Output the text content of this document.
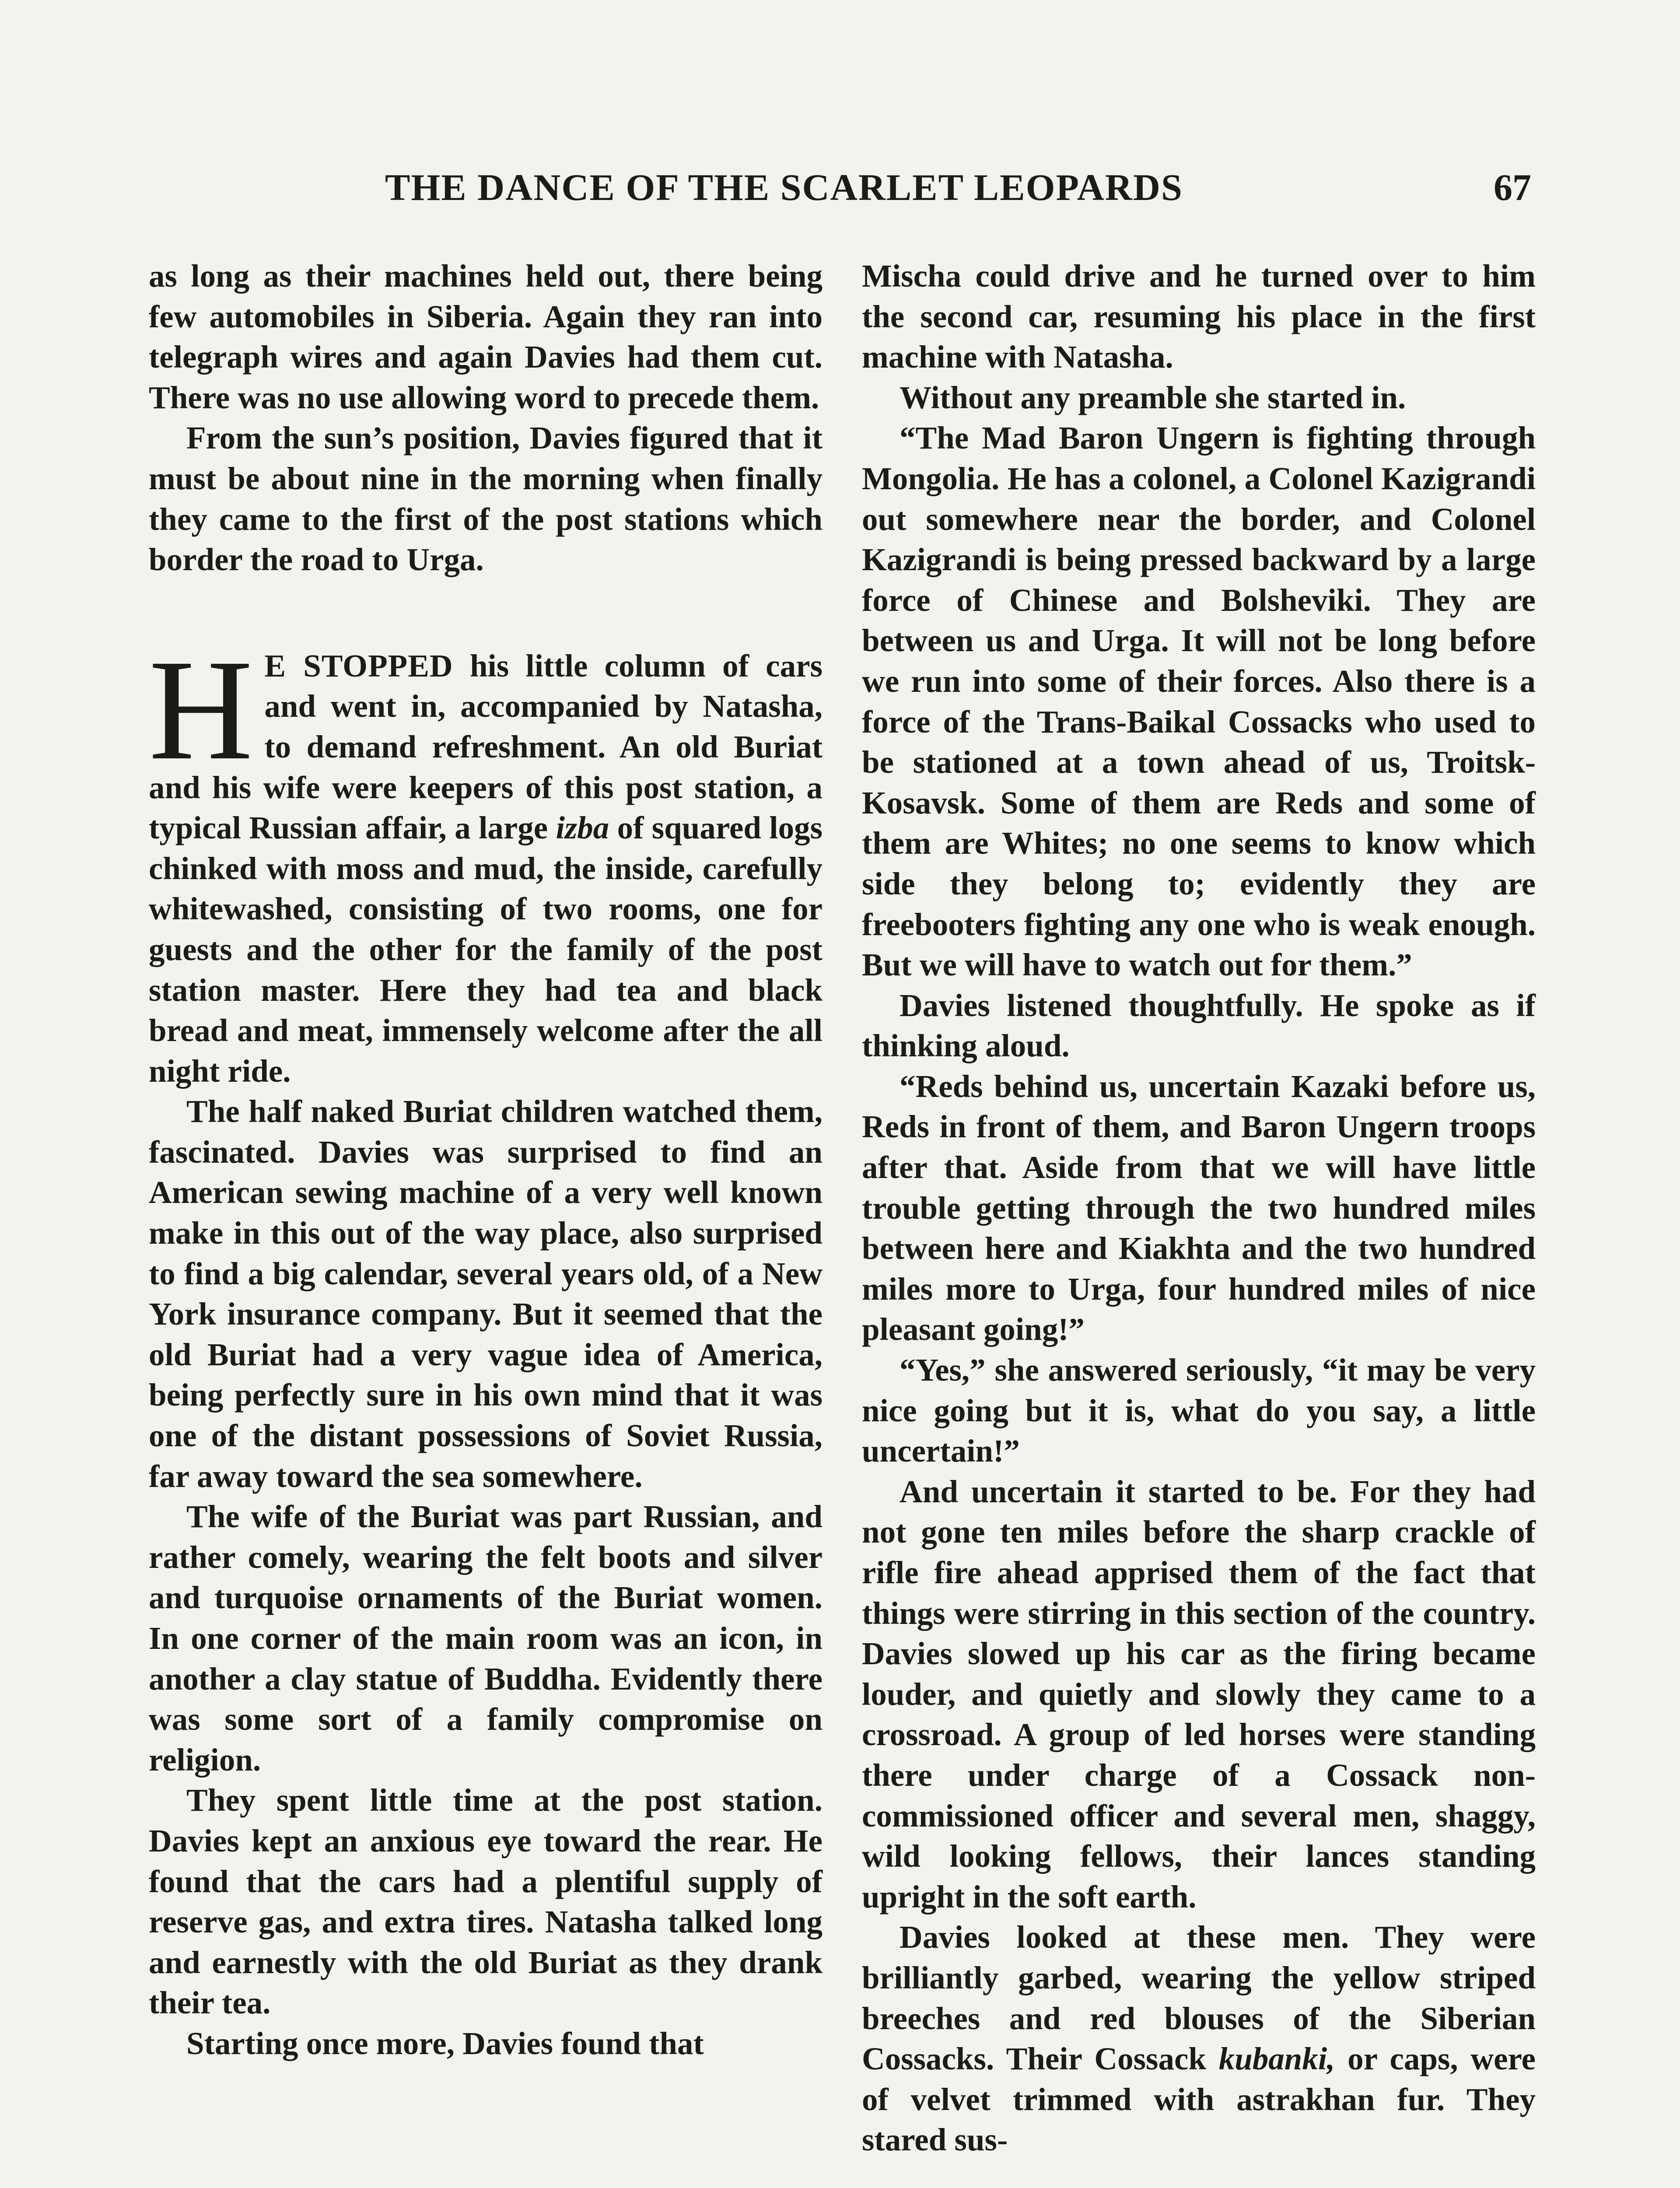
THE DANCE OF THE SCARLET LEOPARDS	67

as long as their machines held out, there being few automobiles in Siberia. Again they ran into telegraph wires and again Davies had them cut. There was no use allowing word to precede them.

From the sun’s position, Davies figured that it must be about nine in the morning when finally they came to the first of the post stations which border the road to Urga.

H E STOPPED his little column of cars and went in, accompanied by Natasha, to demand refreshment. An old Buriat and his wife were keepers of this post station, a typical Russian affair, a large izba of squared logs chinked with moss and mud, the inside, carefully whitewashed, consisting of two rooms, one for guests and the other for the family of the post station master. Here they had tea and black bread and meat, immensely welcome after the all night ride.

The half naked Buriat children watched them, fascinated. Davies was surprised to find an American sewing machine of a very well known make in this out of the way place, also surprised to find a big calendar, several years old, of a New York insurance company. But it seemed that the old Buriat had a very vague idea of America, being perfectly sure in his own mind that it was one of the distant possessions of Soviet Russia, far away toward the sea somewhere.

The wife of the Buriat was part Russian, and rather comely, wearing the felt boots and silver and turquoise ornaments of the Buriat women. In one corner of the main room was an icon, in another a clay statue of Buddha. Evidently there was some sort of a family compromise on religion.

They spent little time at the post station. Davies kept an anxious eye toward the rear. He found that the cars had a plentiful supply of reserve gas, and extra tires. Natasha talked long and earnestly with the old Buriat as they drank their tea.

Starting once more, Davies found that

Mischa could drive and he turned over to him the second car, resuming his place in the first machine with Natasha.

Without any preamble she started in.

“The Mad Baron Ungern is fighting through Mongolia. He has a colonel, a Colonel Kazigrandi out somewhere near the border, and Colonel Kazigrandi is being pressed backward by a large force of Chinese and Bolsheviki. They are between us and Urga. It will not be long before we run into some of their forces. Also there is a force of the Trans-Baikal Cossacks who used to be stationed at a town ahead of us, Troitsk-Kosavsk. Some of them are Reds and some of them are Whites; no one seems to know which side they belong to; evidently they are freebooters fighting any one who is weak enough. But we will have to watch out for them.”

Davies listened thoughtfully. He spoke as if thinking aloud.

“Reds behind us, uncertain Kazaki before us, Reds in front of them, and Baron Ungern troops after that. Aside from that we will have little trouble getting through the two hundred miles between here and Kiakhta and the two hundred miles more to Urga, four hundred miles of nice pleasant going!”

“Yes,” she answered seriously, “it may be very nice going but it is, what do you say, a little uncertain!”

And uncertain it started to be. For they had not gone ten miles before the sharp crackle of rifle fire ahead apprised them of the fact that things were stirring in this section of the country. Davies slowed up his car as the firing became louder, and quietly and slowly they came to a crossroad. A group of led horses were standing there under charge of a Cossack non-commissioned officer and several men, shaggy, wild looking fellows, their lances standing upright in the soft earth.

Davies looked at these men. They were brilliantly garbed, wearing the yellow striped breeches and red blouses of the Siberian Cossacks. Their Cossack kubanki, or caps, were of velvet trimmed with astrakhan fur. They stared sus-
